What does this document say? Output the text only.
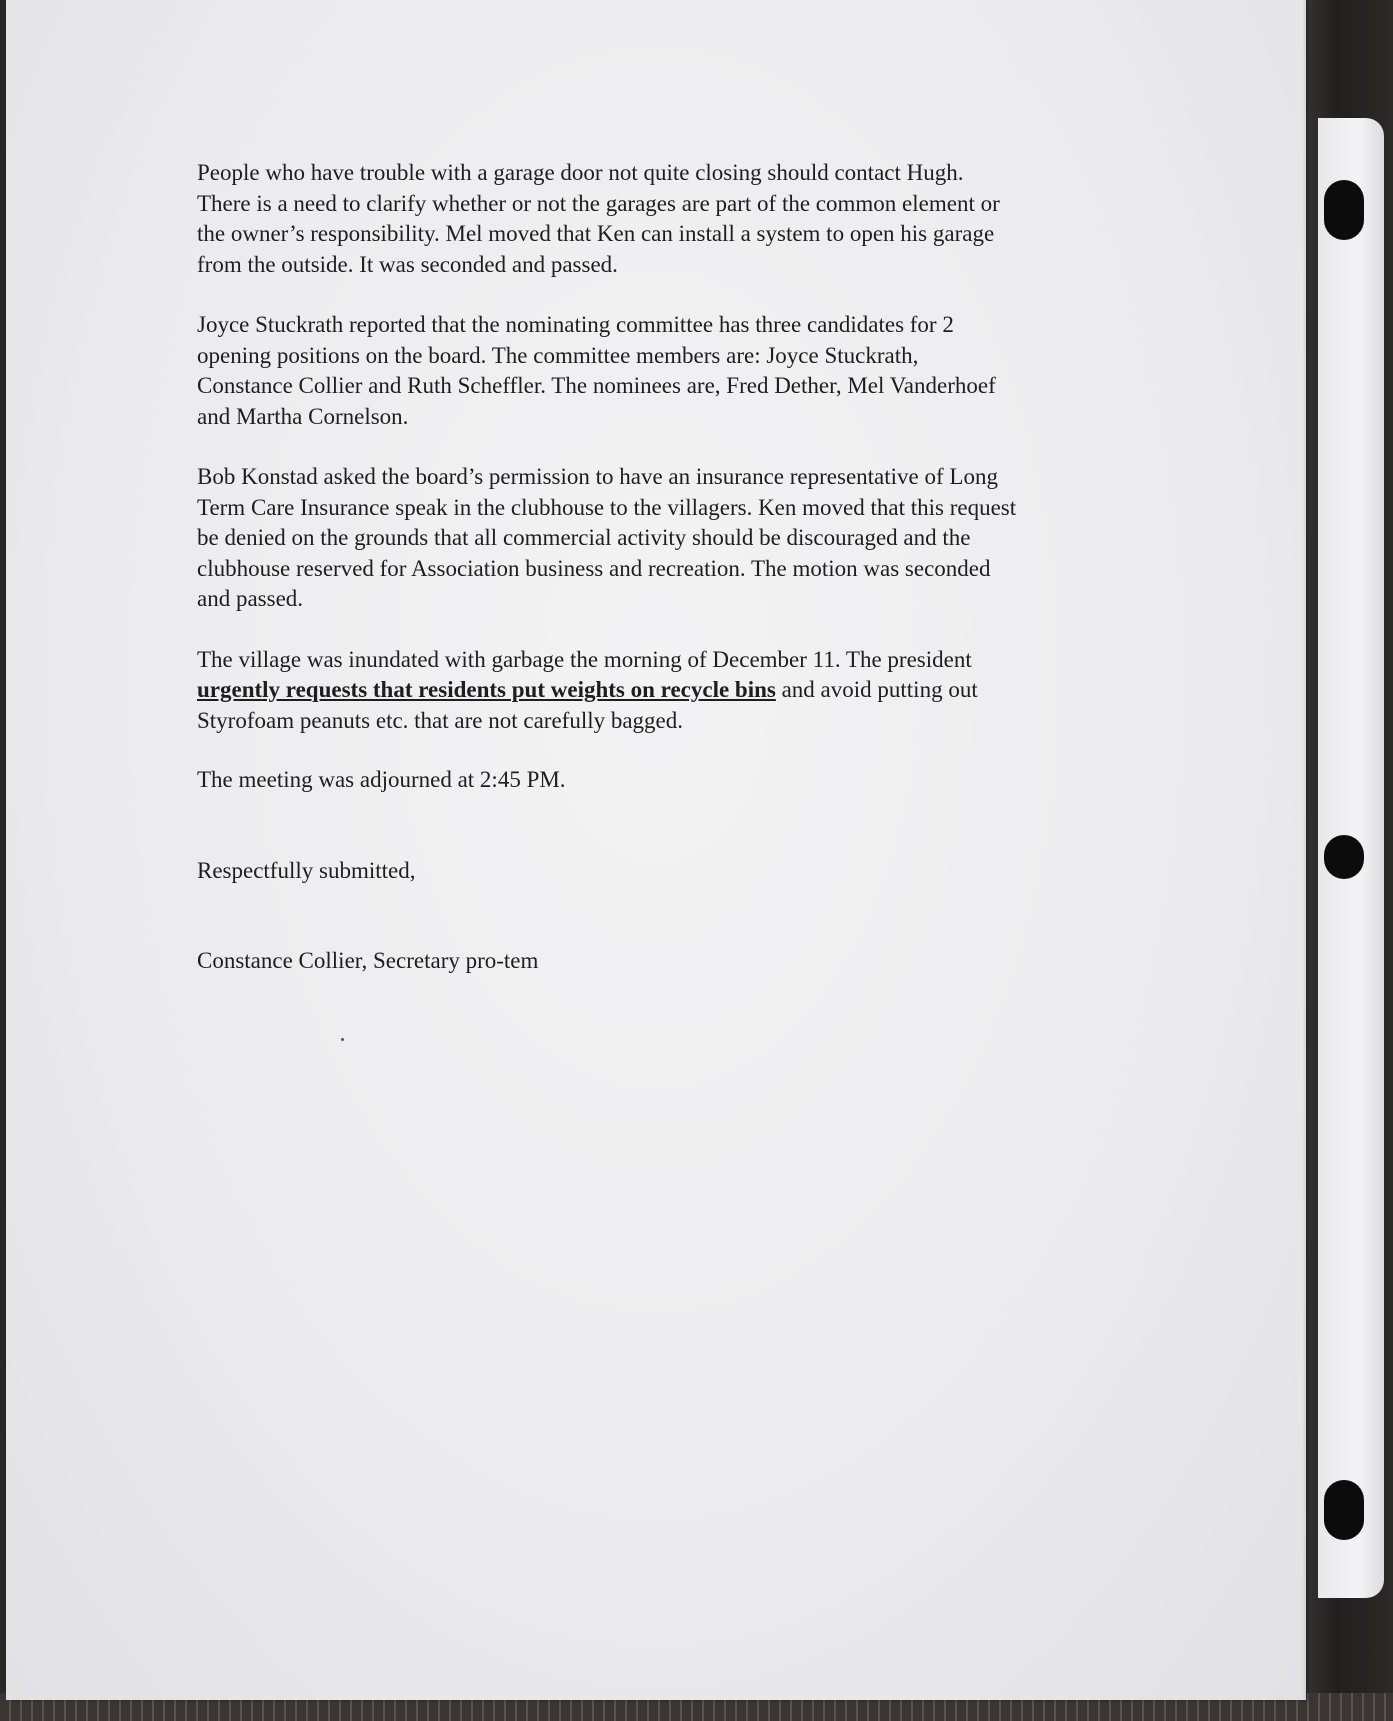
People who have trouble with a garage door not quite closing should contact Hugh.
There is a need to clarify whether or not the garages are part of the common element or
the owner’s responsibility. Mel moved that Ken can install a system to open his garage
from the outside. It was seconded and passed.

Joyce Stuckrath reported that the nominating committee has three candidates for 2
opening positions on the board. The committee members are: Joyce Stuckrath,
Constance Collier and Ruth Scheffler. The nominees are, Fred Dether, Mel Vanderhoef
and Martha Cornelson.

Bob Konstad asked the board’s permission to have an insurance representative of Long
Term Care Insurance speak in the clubhouse to the villagers. Ken moved that this request
be denied on the grounds that all commercial activity should be discouraged and the
clubhouse reserved for Association business and recreation. The motion was seconded
and passed.

The village was inundated with garbage the morning of December 11. The president
urgently requests that residents put weights on recycle bins and avoid putting out
Styrofoam peanuts etc. that are not carefully bagged.

The meeting was adjourned at 2:45 PM.

Respectfully submitted,

Constance Collier, Secretary pro-tem
